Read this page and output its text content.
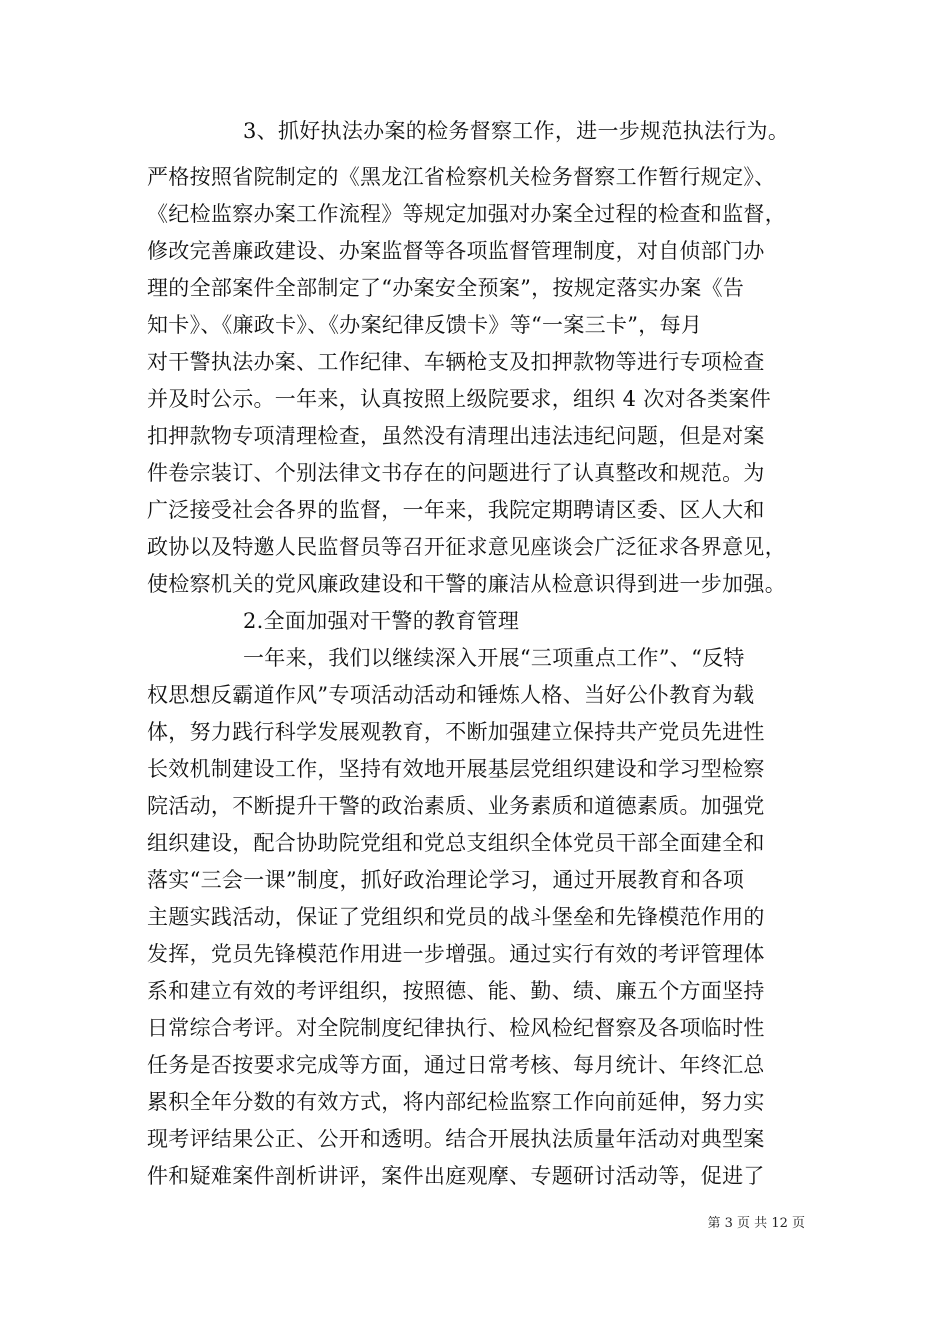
3、抓好执法办案的检务督察工作，进一步规范执法行为。

严格按照省院制定的《黑龙江省检察机关检务督察工作暂行规定》、

《纪检监察办案工作流程》等规定加强对办案全过程的检查和监督，

修改完善廉政建设、办案监督等各项监督管理制度，对自侦部门办

理的全部案件全部制定了“办案安全预案”，按规定落实办案《告

知卡》、《廉政卡》、《办案纪律反馈卡》等“一案三卡”，每月

对干警执法办案、工作纪律、车辆枪支及扣押款物等进行专项检查

并及时公示。一年来，认真按照上级院要求，组织 4 次对各类案件

扣押款物专项清理检查，虽然没有清理出违法违纪问题，但是对案

件卷宗装订、个别法律文书存在的问题进行了认真整改和规范。为

广泛接受社会各界的监督，一年来，我院定期聘请区委、区人大和

政协以及特邀人民监督员等召开征求意见座谈会广泛征求各界意见，

使检察机关的党风廉政建设和干警的廉洁从检意识得到进一步加强。

2.全面加强对干警的教育管理

一年来，我们以继续深入开展“三项重点工作”、“反特

权思想反霸道作风”专项活动活动和锤炼人格、当好公仆教育为载

体，努力践行科学发展观教育，不断加强建立保持共产党员先进性

长效机制建设工作，坚持有效地开展基层党组织建设和学习型检察

院活动，不断提升干警的政治素质、业务素质和道德素质。加强党

组织建设，配合协助院党组和党总支组织全体党员干部全面建全和

落实“三会一课”制度，抓好政治理论学习，通过开展教育和各项

主题实践活动，保证了党组织和党员的战斗堡垒和先锋模范作用的

发挥，党员先锋模范作用进一步增强。通过实行有效的考评管理体

系和建立有效的考评组织，按照德、能、勤、绩、廉五个方面坚持

日常综合考评。对全院制度纪律执行、检风检纪督察及各项临时性

任务是否按要求完成等方面，通过日常考核、每月统计、年终汇总

累积全年分数的有效方式，将内部纪检监察工作向前延伸，努力实

现考评结果公正、公开和透明。结合开展执法质量年活动对典型案

件和疑难案件剖析讲评，案件出庭观摩、专题研讨活动等，促进了

第 3 页 共 12 页
